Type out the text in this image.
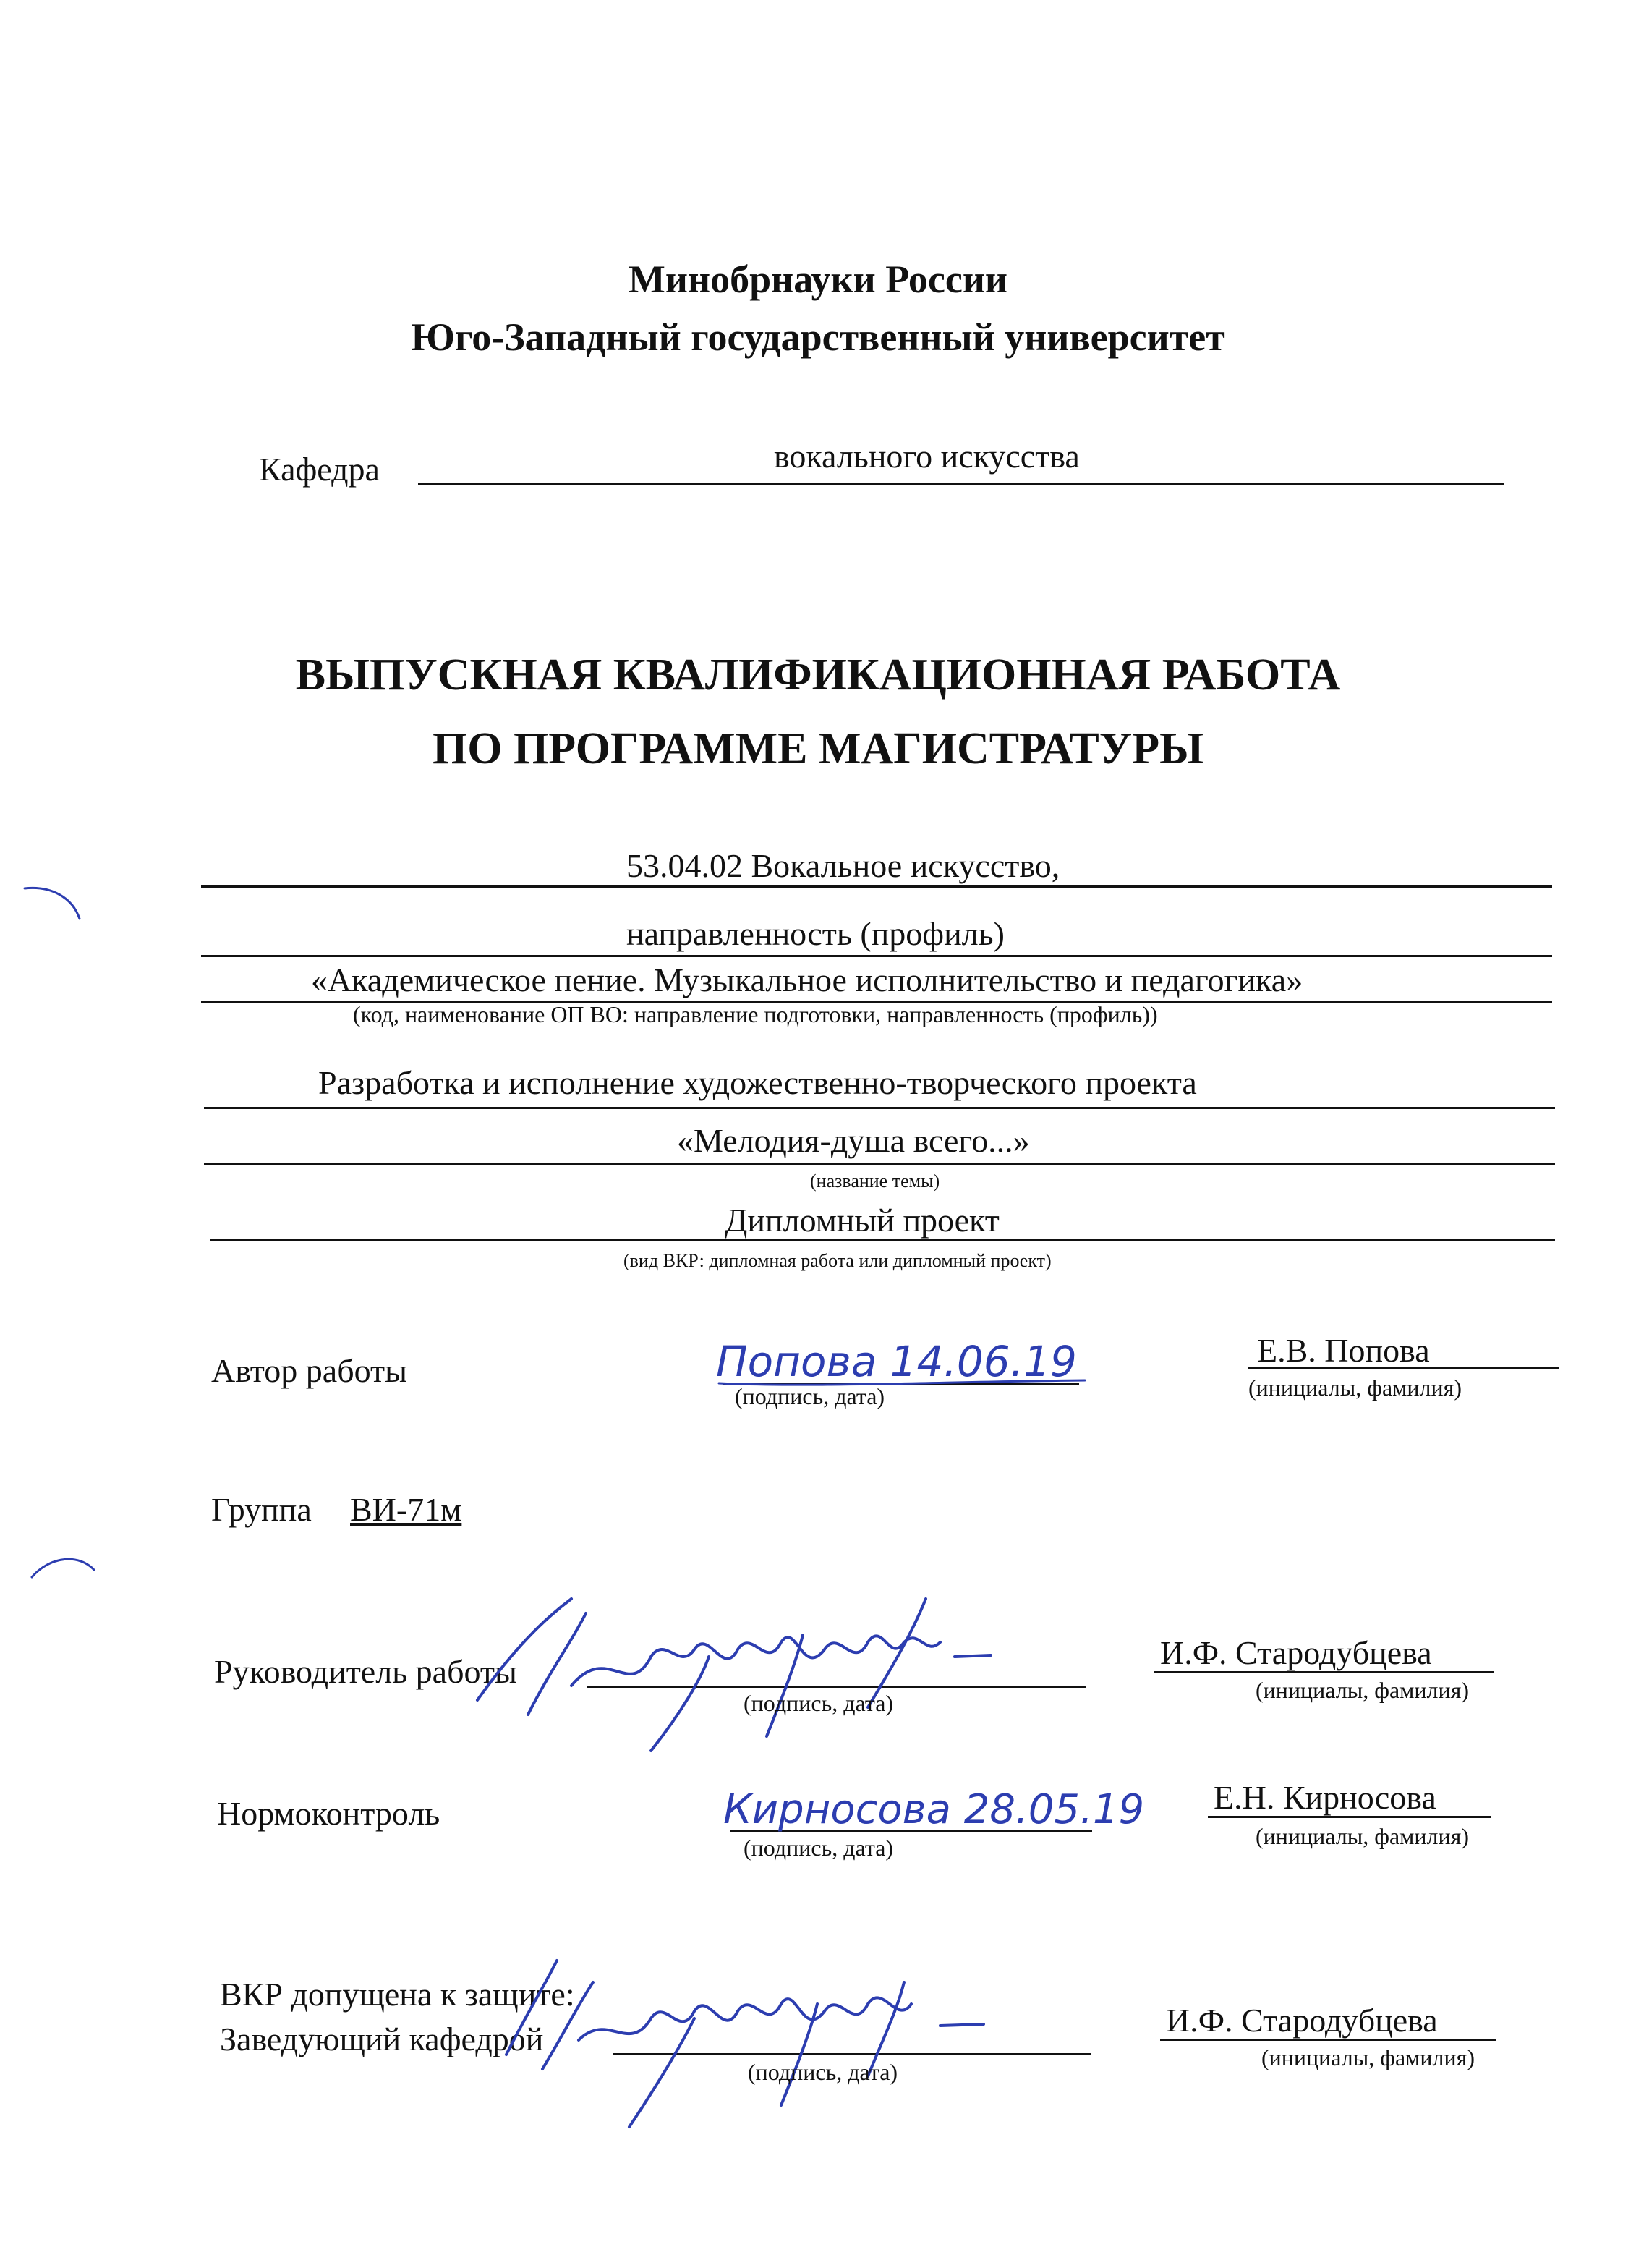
Минобрнауки России
Юго-Западный государственный университет
Кафедра	вокального искусства
ВЫПУСКНАЯ КВАЛИФИКАЦИОННАЯ РАБОТА
ПО ПРОГРАММЕ МАГИСТРАТУРЫ
53.04.02 Вокальное искусство,
направленность (профиль)
«Академическое пение. Музыкальное исполнительство и педагогика»
(код, наименование ОП ВО: направление подготовки, направленность (профиль))
Разработка и исполнение художественно-творческого проекта
«Мелодия-душа всего...»
(название темы)
Дипломный проект
(вид ВКР: дипломная работа или дипломный проект)
Автор работы	Попова 14.06.19
(подпись, дата)
Е.В. Попова
(инициалы, фамилия)
Группа ВИ-71м
Руководитель работы
(подпись, дата)
И.Ф. Стародубцева
(инициалы, фамилия)
Нормоконтроль	Кирносова 28.05.19
(подпись, дата)
Е.Н. Кирносова
(инициалы, фамилия)
ВКР допущена к защите:
Заведующий кафедрой
(подпись, дата)
И.Ф. Стародубцева
(инициалы, фамилия)
